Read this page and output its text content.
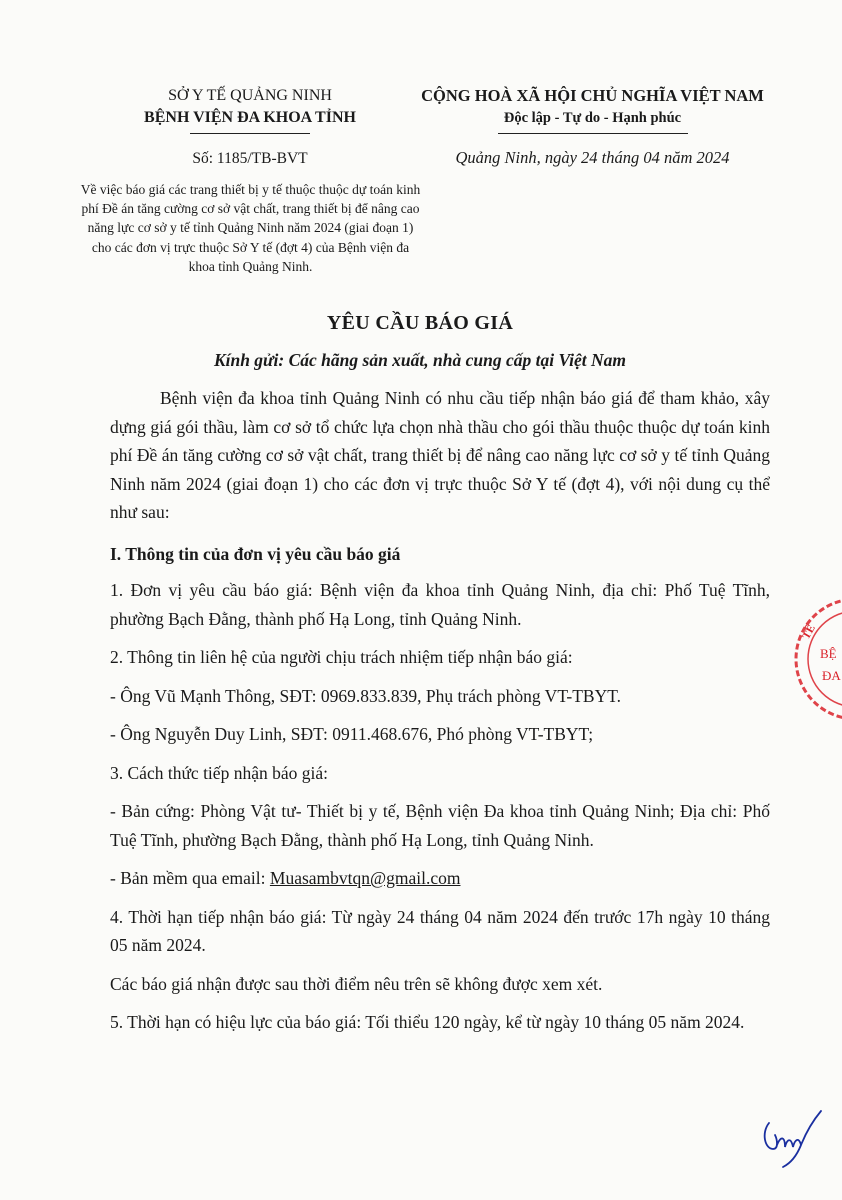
SỞ Y TẾ QUẢNG NINH
BỆNH VIỆN ĐA KHOA TỈNH
Số: 1185/TB-BVT
Về việc báo giá các trang thiết bị y tế thuộc thuộc dự toán kinh phí Đề án tăng cường cơ sở vật chất, trang thiết bị để nâng cao năng lực cơ sở y tế tỉnh Quảng Ninh năm 2024 (giai đoạn 1) cho các đơn vị trực thuộc Sở Y tế (đợt 4) của Bệnh viện đa khoa tỉnh Quảng Ninh.
CỘNG HOÀ XÃ HỘI CHỦ NGHĨA VIỆT NAM
Độc lập - Tự do - Hạnh phúc
Quảng Ninh, ngày 24 tháng 04 năm 2024
YÊU CẦU BÁO GIÁ
Kính gửi: Các hãng sản xuất, nhà cung cấp tại Việt Nam
Bệnh viện đa khoa tỉnh Quảng Ninh có nhu cầu tiếp nhận báo giá để tham khảo, xây dựng giá gói thầu, làm cơ sở tổ chức lựa chọn nhà thầu cho gói thầu thuộc thuộc dự toán kinh phí Đề án tăng cường cơ sở vật chất, trang thiết bị để nâng cao năng lực cơ sở y tế tỉnh Quảng Ninh năm 2024 (giai đoạn 1) cho các đơn vị trực thuộc Sở Y tế (đợt 4), với nội dung cụ thể như sau:
I. Thông tin của đơn vị yêu cầu báo giá

1. Đơn vị yêu cầu báo giá: Bệnh viện đa khoa tỉnh Quảng Ninh, địa chỉ: Phố Tuệ Tĩnh, phường Bạch Đằng, thành phố Hạ Long, tỉnh Quảng Ninh.

2. Thông tin liên hệ của người chịu trách nhiệm tiếp nhận báo giá:

- Ông Vũ Mạnh Thông, SĐT: 0969.833.839, Phụ trách phòng VT-TBYT.

- Ông Nguyễn Duy Linh, SĐT: 0911.468.676, Phó phòng VT-TBYT;

3. Cách thức tiếp nhận báo giá:

- Bản cứng: Phòng Vật tư- Thiết bị y tế, Bệnh viện Đa khoa tỉnh Quảng Ninh; Địa chỉ: Phố Tuệ Tĩnh, phường Bạch Đằng, thành phố Hạ Long, tỉnh Quảng Ninh.

- Bản mềm qua email: Muasambvtqn@gmail.com

4. Thời hạn tiếp nhận báo giá: Từ ngày 24 tháng 04 năm 2024 đến trước 17h ngày 10 tháng 05 năm 2024.

Các báo giá nhận được sau thời điểm nêu trên sẽ không được xem xét.

5. Thời hạn có hiệu lực của báo giá: Tối thiểu 120 ngày, kể từ ngày 10 tháng 05 năm 2024.

TẾ
BỆ
ĐA
